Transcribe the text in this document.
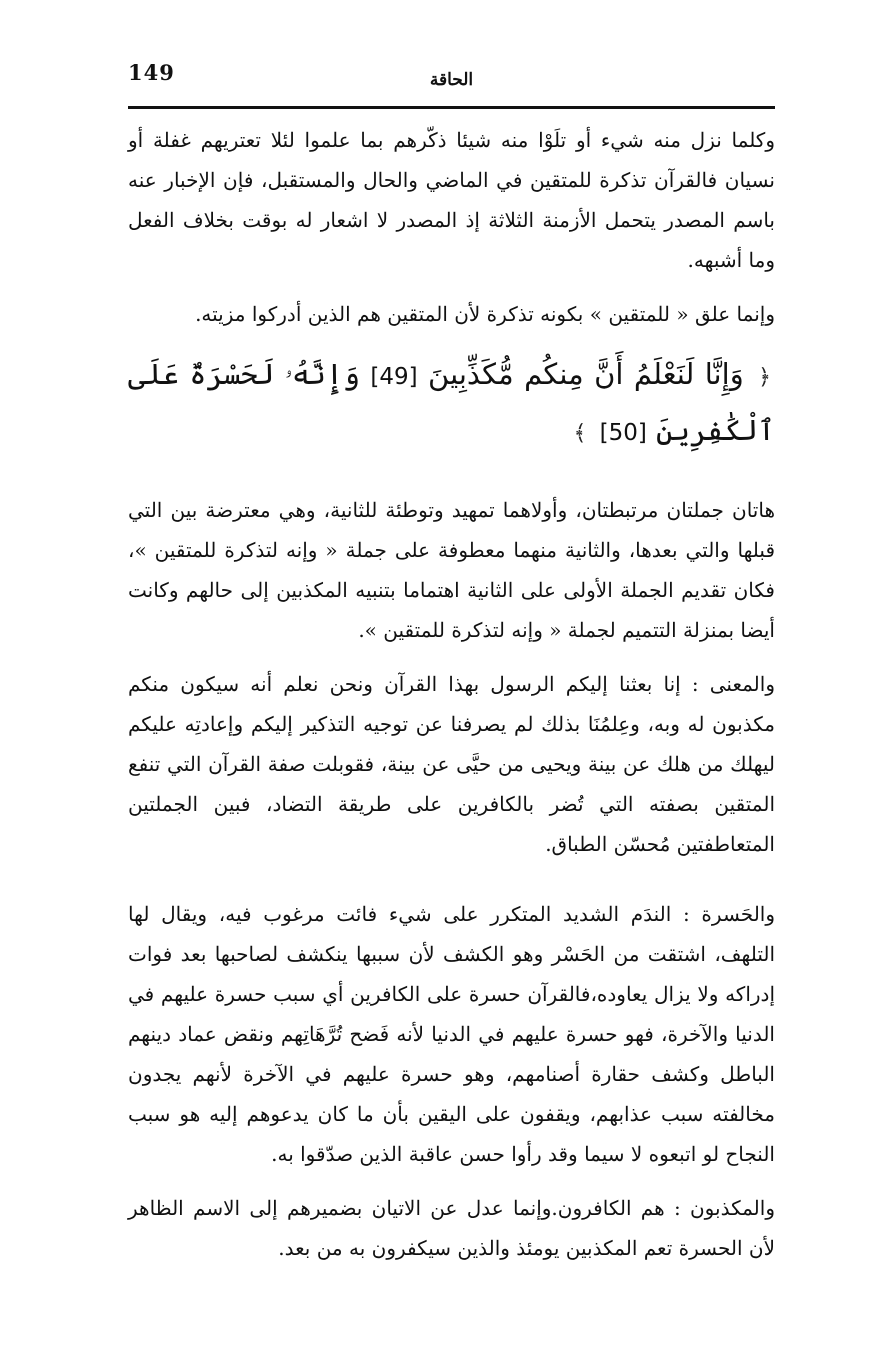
149	الحاقة

وكلما نزل منه شيء أو تلَوْا منه شيئا ذكّرهم بما علموا لئلا تعتريهم غفلة أو نسيان فالقرآن تذكرة للمتقين في الماضي والحال والمستقبل، فإن الإخبار عنه باسم المصدر يتحمل الأزمنة الثلاثة إذ المصدر لا اشعار له بوقت بخلاف الفعل وما أشبهه.

وإنما علق « للمتقين » بكونه تذكرة لأن المتقين هم الذين أدركوا مزيته.

﴿ وَإِنَّا لَنَعْلَمُ أَنَّ مِنكُم مُّكَذِّبِينَ [49] وَإِنَّهُۥ لَحَسْرَةٌ عَلَى ٱلْكَٰفِرِينَ [50] ﴾

هاتان جملتان مرتبطتان، وأولاهما تمهيد وتوطئة للثانية، وهي معترضة بين التي قبلها والتي بعدها، والثانية منهما معطوفة على جملة « وإنه لتذكرة للمتقين »، فكان تقديم الجملة الأولى على الثانية اهتماما بتنبيه المكذبين إلى حالهم وكانت أيضا بمنزلة التتميم لجملة « وإنه لتذكرة للمتقين ».

والمعنى : إنا بعثنا إليكم الرسول بهذا القرآن ونحن نعلم أنه سيكون منكم مكذبون له وبه، وعِلمُنَا بذلك لم يصرفنا عن توجيه التذكير إليكم وإعادتِه عليكم ليهلك من هلك عن بينة ويحيى من حيَّى عن بينة، فقوبلت صفة القرآن التي تنفع المتقين بصفته التي تُضر بالكافرين على طريقة التضاد، فبين الجملتين المتعاطفتين مُحسّن الطباق.

والحَسرة : الندَم الشديد المتكرر على شيء فائت مرغوب فيه، ويقال لها التلهف، اشتقت من الحَسْر وهو الكشف لأن سببها ينكشف لصاحبها بعد فوات إدراكه ولا يزال يعاوده،فالقرآن حسرة على الكافرين أي سبب حسرة عليهم في الدنيا والآخرة، فهو حسرة عليهم في الدنيا لأنه فَضح تُرَّهَاتِهم ونقض عماد دينهم الباطل وكشف حقارة أصنامهم، وهو حسرة عليهم في الآخرة لأنهم يجدون مخالفته سبب عذابهم، ويقفون على اليقين بأن ما كان يدعوهم إليه هو سبب النجاح لو اتبعوه لا سيما وقد رأوا حسن عاقبة الذين صدّقوا به.

والمكذبون : هم الكافرون.وإنما عدل عن الاتيان بضميرهم إلى الاسم الظاهر لأن الحسرة تعم المكذبين يومئذ والذين سيكفرون به من بعد.
